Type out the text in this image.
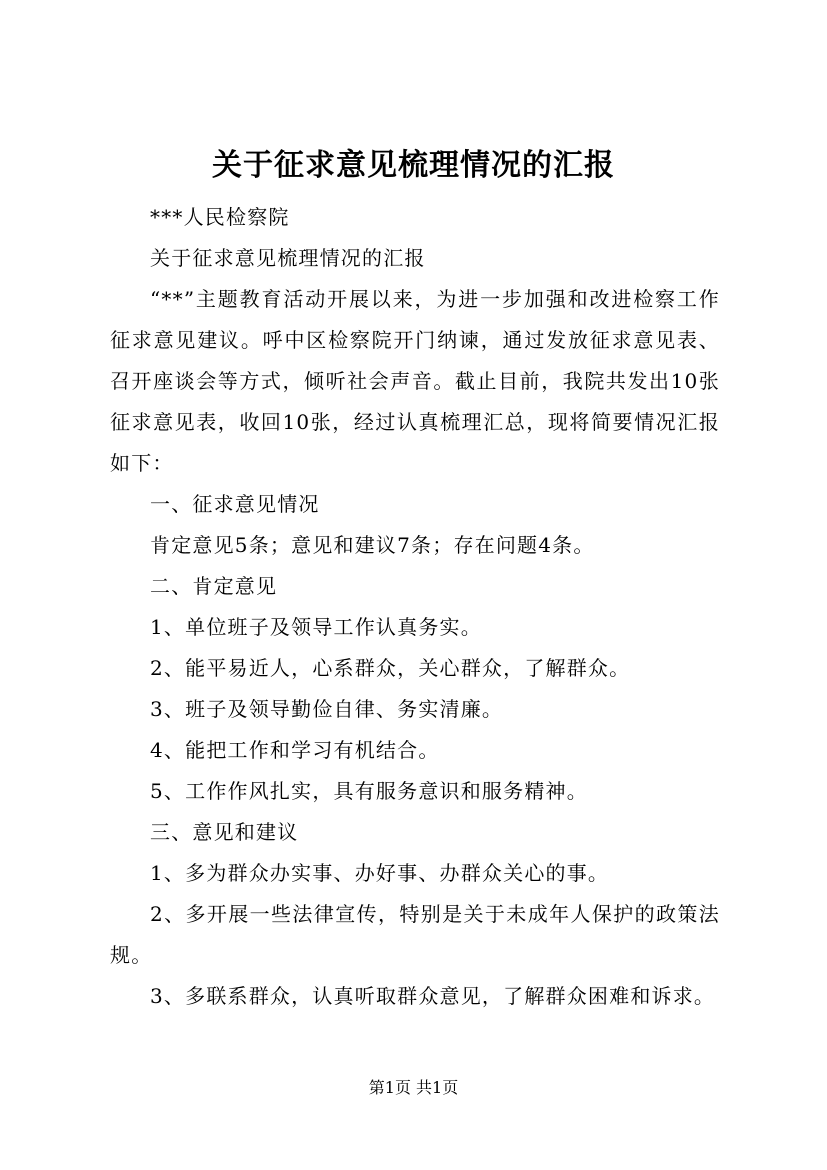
关于征求意见梳理情况的汇报

***人民检察院

关于征求意见梳理情况的汇报

“**”主题教育活动开展以来，为进一步加强和改进检察工作征求意见建议。呼中区检察院开门纳谏，通过发放征求意见表、召开座谈会等方式，倾听社会声音。截止目前，我院共发出10张征求意见表，收回10张，经过认真梳理汇总，现将简要情况汇报如下：

一、征求意见情况

肯定意见5条；意见和建议7条；存在问题4条。

二、肯定意见

1、单位班子及领导工作认真务实。

2、能平易近人，心系群众，关心群众，了解群众。

3、班子及领导勤俭自律、务实清廉。

4、能把工作和学习有机结合。

5、工作作风扎实，具有服务意识和服务精神。

三、意见和建议

1、多为群众办实事、办好事、办群众关心的事。

2、多开展一些法律宣传，特别是关于未成年人保护的政策法规。

3、多联系群众，认真听取群众意见，了解群众困难和诉求。

第1页 共1页
